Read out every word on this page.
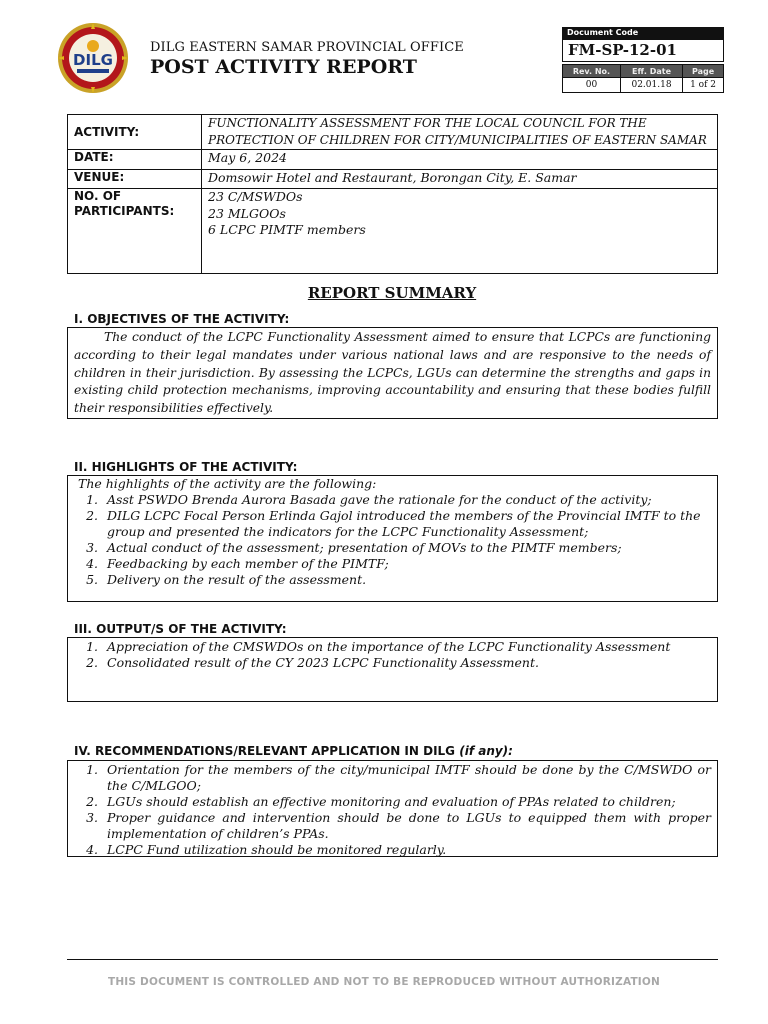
DILG
DILG EASTERN SAMAR PROVINCIAL OFFICE
POST ACTIVITY REPORT
Document Code
FM-SP-12-01
Rev. No.	Eff. Date	Page
00	02.01.18	1 of 2
ACTIVITY:	FUNCTIONALITY ASSESSMENT FOR THE LOCAL COUNCIL FOR THE PROTECTION OF CHILDREN FOR CITY/MUNICIPALITIES OF EASTERN SAMAR
DATE:	May 6, 2024
VENUE:	Domsowir Hotel and Restaurant, Borongan City, E. Samar
NO. OF PARTICIPANTS:	23 C/MSWDOs
23 MLGOOs
6 LCPC PIMTF members
REPORT SUMMARY
I. OBJECTIVES OF THE ACTIVITY:
The conduct of the LCPC Functionality Assessment aimed to ensure that LCPCs are functioning according to their legal mandates under various national laws and are responsive to the needs of children in their jurisdiction. By assessing the LCPCs, LGUs can determine the strengths and gaps in existing child protection mechanisms, improving accountability and ensuring that these bodies fulfill their responsibilities effectively.
II. HIGHLIGHTS OF THE ACTIVITY:
The highlights of the activity are the following:
1. Asst PSWDO Brenda Aurora Basada gave the rationale for the conduct of the activity;
2. DILG LCPC Focal Person Erlinda Gajol introduced the members of the Provincial IMTF to the group and presented the indicators for the LCPC Functionality Assessment;
3. Actual conduct of the assessment; presentation of MOVs to the PIMTF members;
4. Feedbacking by each member of the PIMTF;
5. Delivery on the result of the assessment.
III. OUTPUT/S OF THE ACTIVITY:
1. Appreciation of the CMSWDOs on the importance of the LCPC Functionality Assessment
2. Consolidated result of the CY 2023 LCPC Functionality Assessment.
IV. RECOMMENDATIONS/RELEVANT APPLICATION IN DILG (if any):
1. Orientation for the members of the city/municipal IMTF should be done by the C/MSWDO or the C/MLGOO;
2. LGUs should establish an effective monitoring and evaluation of PPAs related to children;
3. Proper guidance and intervention should be done to LGUs to equipped them with proper implementation of children’s PPAs.
4. LCPC Fund utilization should be monitored regularly.
THIS DOCUMENT IS CONTROLLED AND NOT TO BE REPRODUCED WITHOUT AUTHORIZATION
